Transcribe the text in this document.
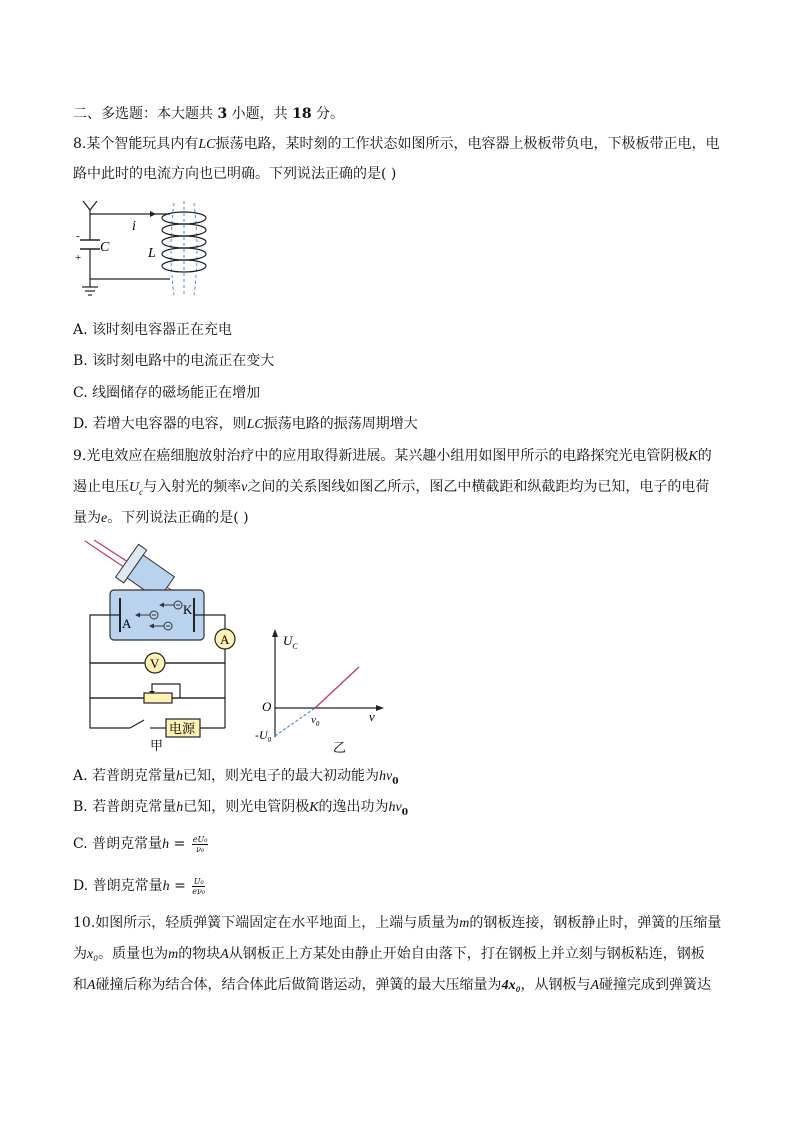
二、多选题：本大题共 3 小题，共 18 分。
8.某个智能玩具内有LC振荡电路，某时刻的工作状态如图所示，电容器上极板带负电，下极板带正电，电
路中此时的电流方向也已明确。下列说法正确的是( )
-
+
C
i
L
A. 该时刻电容器正在充电
B. 该时刻电路中的电流正在变大
C. 线圈储存的磁场能正在增加
D. 若增大电容器的电容，则LC振荡电路的振荡周期增大
9.光电效应在癌细胞放射治疗中的应用取得新进展。某兴趣小组用如图甲所示的电路探究光电管阴极K的
遏止电压$U_c$与入射光的频率ν之间的关系图线如图乙所示，图乙中横截距和纵截距均为已知，电子的电荷
量为e。下列说法正确的是( )
A
K
A
V
电源
甲
$U_C$
O
$v_0$	v
$-U_0$	乙
A. 若普朗克常量h已知，则光电子的最大初动能为$h\nu_0$
B. 若普朗克常量h已知，则光电管阴极K的逸出功为$h\nu_0$
C. 普朗克常量$h = \frac{\text{eU₀}}{\text{ν₀}}$
D. 普朗克常量$h = \frac{\text{U₀}}{\text{eν₀}}$
10.如图所示，轻质弹簧下端固定在水平地面上，上端与质量为m的钢板连接，钢板静止时，弹簧的压缩量
为x₀。质量也为m的物块A从钢板正上方某处由静止开始自由落下，打在钢板上并立刻与钢板粘连，钢板
和A碰撞后称为结合体，结合体此后做简谐运动，弹簧的最大压缩量为4x₀，从钢板与A碰撞完成到弹簧达
